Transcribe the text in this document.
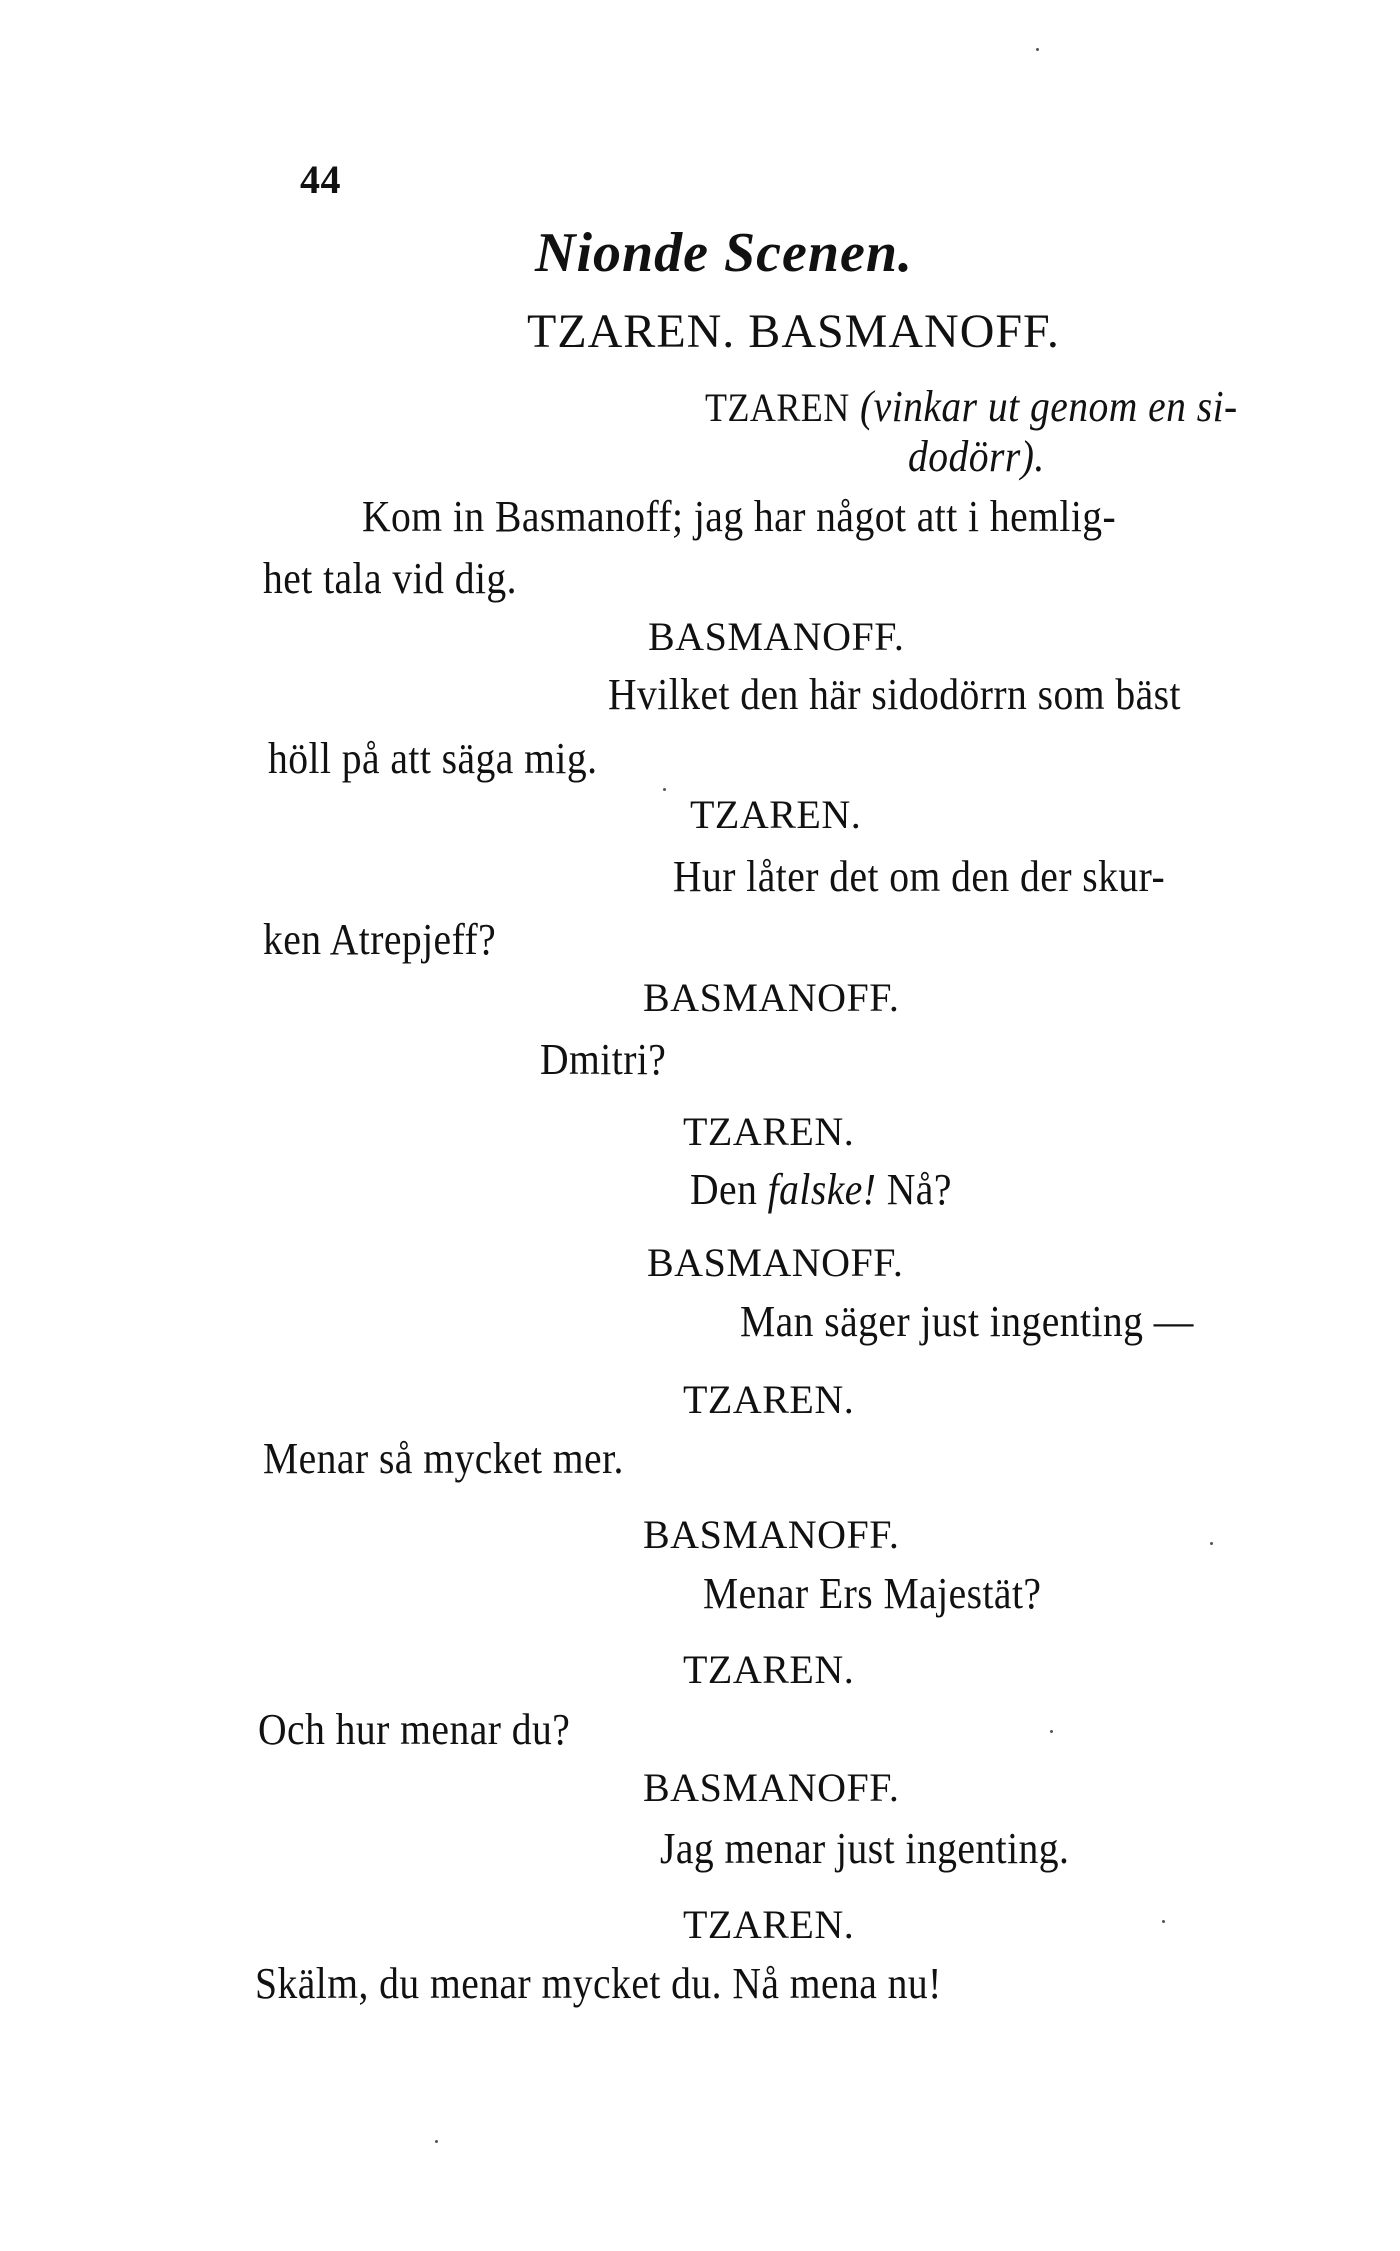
44
Nionde Scenen.
TZAREN. BASMANOFF.
TZAREN (vinkar ut genom en si-
dodörr).
Kom in Basmanoff; jag har något att i hemlig-
het tala vid dig.
BASMANOFF.
Hvilket den här sidodörrn som bäst
höll på att säga mig.
TZAREN.
Hur låter det om den der skur-
ken Atrepjeff?
BASMANOFF.
Dmitri?
TZAREN.
Den falske! Nå?
BASMANOFF.
Man säger just ingenting —
TZAREN.
Menar så mycket mer.
BASMANOFF.
Menar Ers Majestät?
TZAREN.
Och hur menar du?
BASMANOFF.
Jag menar just ingenting.
TZAREN.
Skälm, du menar mycket du. Nå mena nu!
